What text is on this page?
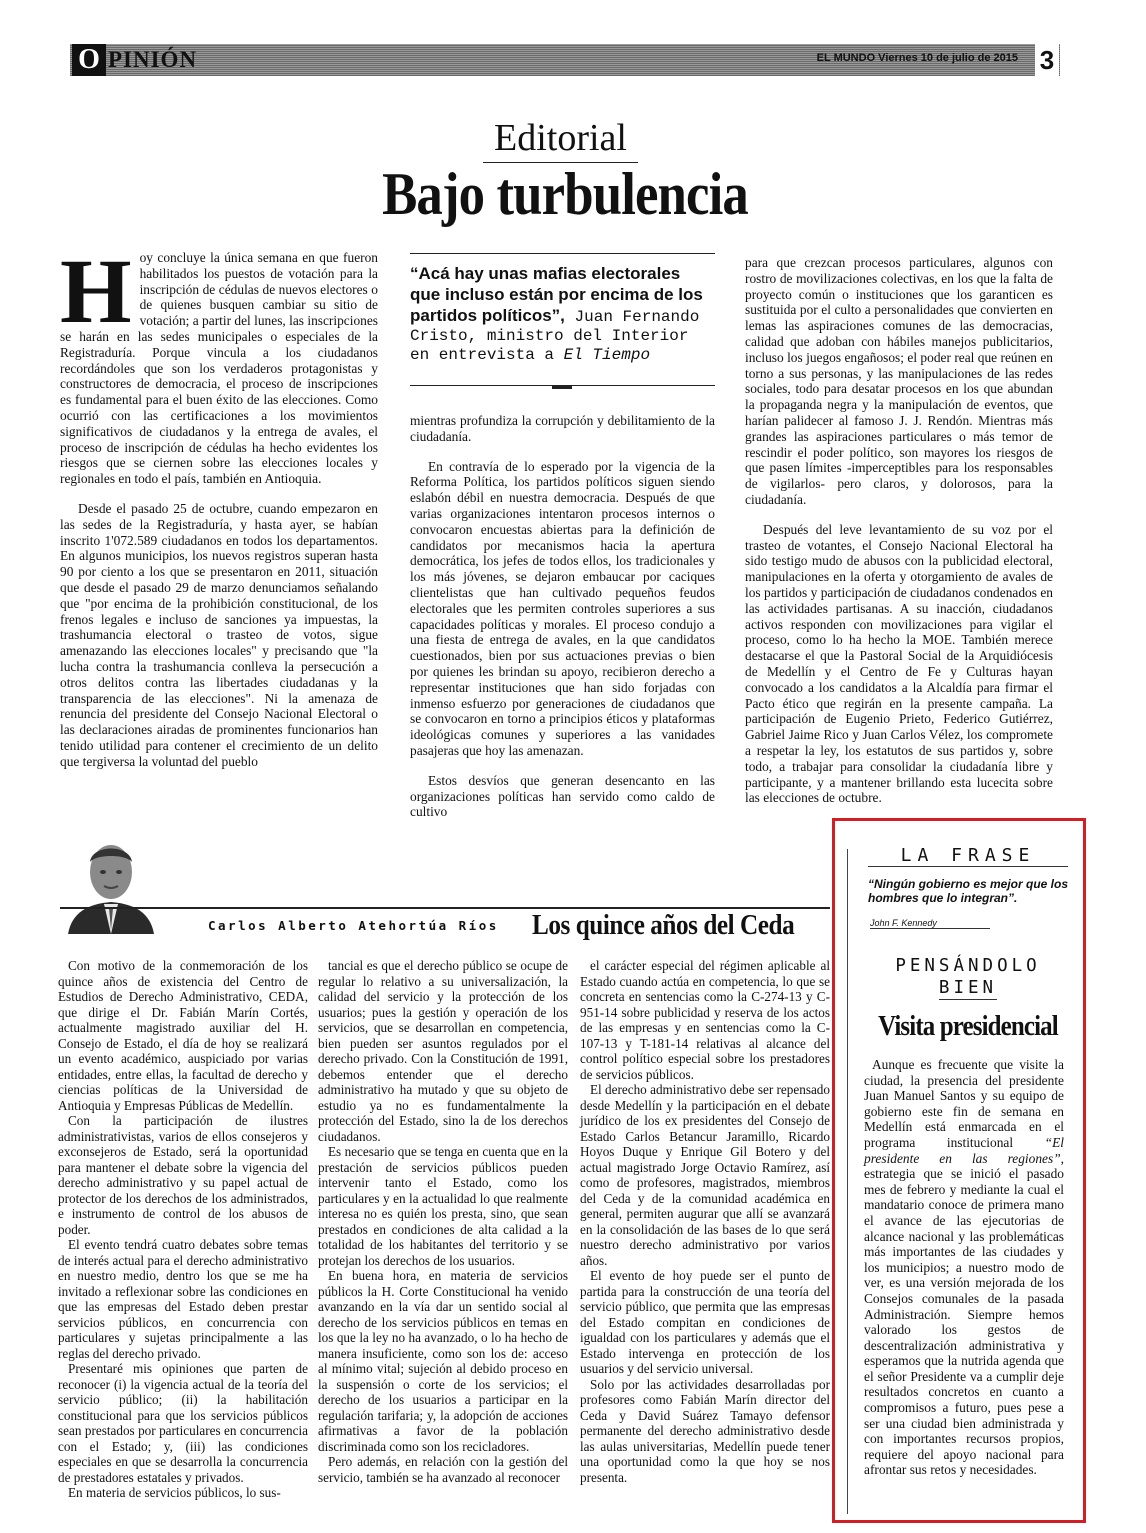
O PINIÓN	EL MUNDO Viernes 10 de julio de 2015 3
Editorial
Bajo turbulencia

Hoy concluye la única semana en que fueron habilitados los puestos de votación para la inscripción de cédulas de nuevos electores o de quienes busquen cambiar su sitio de votación; a partir del lunes, las inscripciones se harán en las sedes municipales o especiales de la Registraduría. Porque vincula a los ciudadanos recordándoles que son los verdaderos protagonistas y constructores de democracia, el proceso de inscripciones es fundamental para el buen éxito de las elecciones. Como ocurrió con las certificaciones a los movimientos significativos de ciudadanos y la entrega de avales, el proceso de inscripción de cédulas ha hecho evidentes los riesgos que se ciernen sobre las elecciones locales y regionales en todo el país, también en Antioquia.

Desde el pasado 25 de octubre, cuando empezaron en las sedes de la Registraduría, y hasta ayer, se habían inscrito 1'072.589 ciudadanos en todos los departamentos. En algunos municipios, los nuevos registros superan hasta 90 por ciento a los que se presentaron en 2011, situación que desde el pasado 29 de marzo denunciamos señalando que "por encima de la prohibición constitucional, de los frenos legales e incluso de sanciones ya impuestas, la trashumancia electoral o trasteo de votos, sigue amenazando las elecciones locales" y precisando que "la lucha contra la trashumancia conlleva la persecución a otros delitos contra las libertades ciudadanas y la transparencia de las elecciones". Ni la amenaza de renuncia del presidente del Consejo Nacional Electoral o las declaraciones airadas de prominentes funcionarios han tenido utilidad para contener el crecimiento de un delito que tergiversa la voluntad del pueblo

“Acá hay unas mafias electorales que incluso están por encima de los partidos políticos”, Juan Fernando Cristo, ministro del Interior en entrevista a El Tiempo

mientras profundiza la corrupción y debilitamiento de la ciudadanía.

En contravía de lo esperado por la vigencia de la Reforma Política, los partidos políticos siguen siendo eslabón débil en nuestra democracia. Después de que varias organizaciones intentaron procesos internos o convocaron encuestas abiertas para la definición de candidatos por mecanismos hacia la apertura democrática, los jefes de todos ellos, los tradicionales y los más jóvenes, se dejaron embaucar por caciques clientelistas que han cultivado pequeños feudos electorales que les permiten controles superiores a sus capacidades políticas y morales. El proceso condujo a una fiesta de entrega de avales, en la que candidatos cuestionados, bien por sus actuaciones previas o bien por quienes les brindan su apoyo, recibieron derecho a representar instituciones que han sido forjadas con inmenso esfuerzo por generaciones de ciudadanos que se convocaron en torno a principios éticos y plataformas ideológicas comunes y superiores a las vanidades pasajeras que hoy las amenazan.

Estos desvíos que generan desencanto en las organizaciones políticas han servido como caldo de cultivo

para que crezcan procesos particulares, algunos con rostro de movilizaciones colectivas, en los que la falta de proyecto común o instituciones que los garanticen es sustituida por el culto a personalidades que convierten en lemas las aspiraciones comunes de las democracias, calidad que adoban con hábiles manejos publicitarios, incluso los juegos engañosos; el poder real que reúnen en torno a sus personas, y las manipulaciones de las redes sociales, todo para desatar procesos en los que abundan la propaganda negra y la manipulación de eventos, que harían palidecer al famoso J. J. Rendón. Mientras más grandes las aspiraciones particulares o más temor de rescindir el poder político, son mayores los riesgos de que pasen límites -imperceptibles para los responsables de vigilarlos- pero claros, y dolorosos, para la ciudadanía.

Después del leve levantamiento de su voz por el trasteo de votantes, el Consejo Nacional Electoral ha sido testigo mudo de abusos con la publicidad electoral, manipulaciones en la oferta y otorgamiento de avales de los partidos y participación de ciudadanos condenados en las actividades partisanas. A su inacción, ciudadanos activos responden con movilizaciones para vigilar el proceso, como lo ha hecho la MOE. También merece destacarse el que la Pastoral Social de la Arquidiócesis de Medellín y el Centro de Fe y Culturas hayan convocado a los candidatos a la Alcaldía para firmar el Pacto ético que regirán en la presente campaña. La participación de Eugenio Prieto, Federico Gutiérrez, Gabriel Jaime Rico y Juan Carlos Vélez, los compromete a respetar la ley, los estatutos de sus partidos y, sobre todo, a trabajar para consolidar la ciudadanía libre y participante, y a mantener brillando esta lucecita sobre las elecciones de octubre.

Carlos Alberto Atehortúa Ríos Los quince años del Ceda

Con motivo de la conmemoración de los quince años de existencia del Centro de Estudios de Derecho Administrativo, CEDA, que dirige el Dr. Fabián Marín Cortés, actualmente magistrado auxiliar del H. Consejo de Estado, el día de hoy se realizará un evento académico, auspiciado por varias entidades, entre ellas, la facultad de derecho y ciencias políticas de la Universidad de Antioquia y Empresas Públicas de Medellín.

Con la participación de ilustres administrativistas, varios de ellos consejeros y exconsejeros de Estado, será la oportunidad para mantener el debate sobre la vigencia del derecho administrativo y su papel actual de protector de los derechos de los administrados, e instrumento de control de los abusos de poder.

El evento tendrá cuatro debates sobre temas de interés actual para el derecho administrativo en nuestro medio, dentro los que se me ha invitado a reflexionar sobre las condiciones en que las empresas del Estado deben prestar servicios públicos, en concurrencia con particulares y sujetas principalmente a las reglas del derecho privado.

Presentaré mis opiniones que parten de reconocer (i) la vigencia actual de la teoría del servicio público; (ii) la habilitación constitucional para que los servicios públicos sean prestados por particulares en concurrencia con el Estado; y, (iii) las condiciones especiales en que se desarrolla la concurrencia de prestadores estatales y privados.

En materia de servicios públicos, lo sus-

tancial es que el derecho público se ocupe de regular lo relativo a su universalización, la calidad del servicio y la protección de los usuarios; pues la gestión y operación de los servicios, que se desarrollan en competencia, bien pueden ser asuntos regulados por el derecho privado. Con la Constitución de 1991, debemos entender que el derecho administrativo ha mutado y que su objeto de estudio ya no es fundamentalmente la protección del Estado, sino la de los derechos ciudadanos.

Es necesario que se tenga en cuenta que en la prestación de servicios públicos pueden intervenir tanto el Estado, como los particulares y en la actualidad lo que realmente interesa no es quién los presta, sino, que sean prestados en condiciones de alta calidad a la totalidad de los habitantes del territorio y se protejan los derechos de los usuarios.

En buena hora, en materia de servicios públicos la H. Corte Constitucional ha venido avanzando en la vía dar un sentido social al derecho de los servicios públicos en temas en los que la ley no ha avanzado, o lo ha hecho de manera insuficiente, como son los de: acceso al mínimo vital; sujeción al debido proceso en la suspensión o corte de los servicios; el derecho de los usuarios a participar en la regulación tarifaria; y, la adopción de acciones afirmativas a favor de la población discriminada como son los recicladores.

Pero además, en relación con la gestión del servicio, también se ha avanzado al reconocer

el carácter especial del régimen aplicable al Estado cuando actúa en competencia, lo que se concreta en sentencias como la C-274-13 y C-951-14 sobre publicidad y reserva de los actos de las empresas y en sentencias como la C-107-13 y T-181-14 relativas al alcance del control político especial sobre los prestadores de servicios públicos.

El derecho administrativo debe ser repensado desde Medellín y la participación en el debate jurídico de los ex presidentes del Consejo de Estado Carlos Betancur Jaramillo, Ricardo Hoyos Duque y Enrique Gil Botero y del actual magistrado Jorge Octavio Ramírez, así como de profesores, magistrados, miembros del Ceda y de la comunidad académica en general, permiten augurar que allí se avanzará en la consolidación de las bases de lo que será nuestro derecho administrativo por varios años.

El evento de hoy puede ser el punto de partida para la construcción de una teoría del servicio público, que permita que las empresas del Estado compitan en condiciones de igualdad con los particulares y además que el Estado intervenga en protección de los usuarios y del servicio universal.

Solo por las actividades desarrolladas por profesores como Fabián Marín director del Ceda y David Suárez Tamayo defensor permanente del derecho administrativo desde las aulas universitarias, Medellín puede tener una oportunidad como la que hoy se nos presenta.

LA FRASE
“Ningún gobierno es mejor que los hombres que lo integran”.
John F. Kennedy
PENSÁNDOLO
BIEN
Visita presidencial
Aunque es frecuente que visite la ciudad, la presencia del presidente Juan Manuel Santos y su equipo de gobierno este fin de semana en Medellín está enmarcada en el programa institucional “El presidente en las regiones”, estrategia que se inició el pasado mes de febrero y mediante la cual el mandatario conoce de primera mano el avance de las ejecutorias de alcance nacional y las problemáticas más importantes de las ciudades y los municipios; a nuestro modo de ver, es una versión mejorada de los Consejos comunales de la pasada Administración. Siempre hemos valorado los gestos de descentralización administrativa y esperamos que la nutrida agenda que el señor Presidente va a cumplir deje resultados concretos en cuanto a compromisos a futuro, pues pese a ser una ciudad bien administrada y con importantes recursos propios, requiere del apoyo nacional para afrontar sus retos y necesidades.
